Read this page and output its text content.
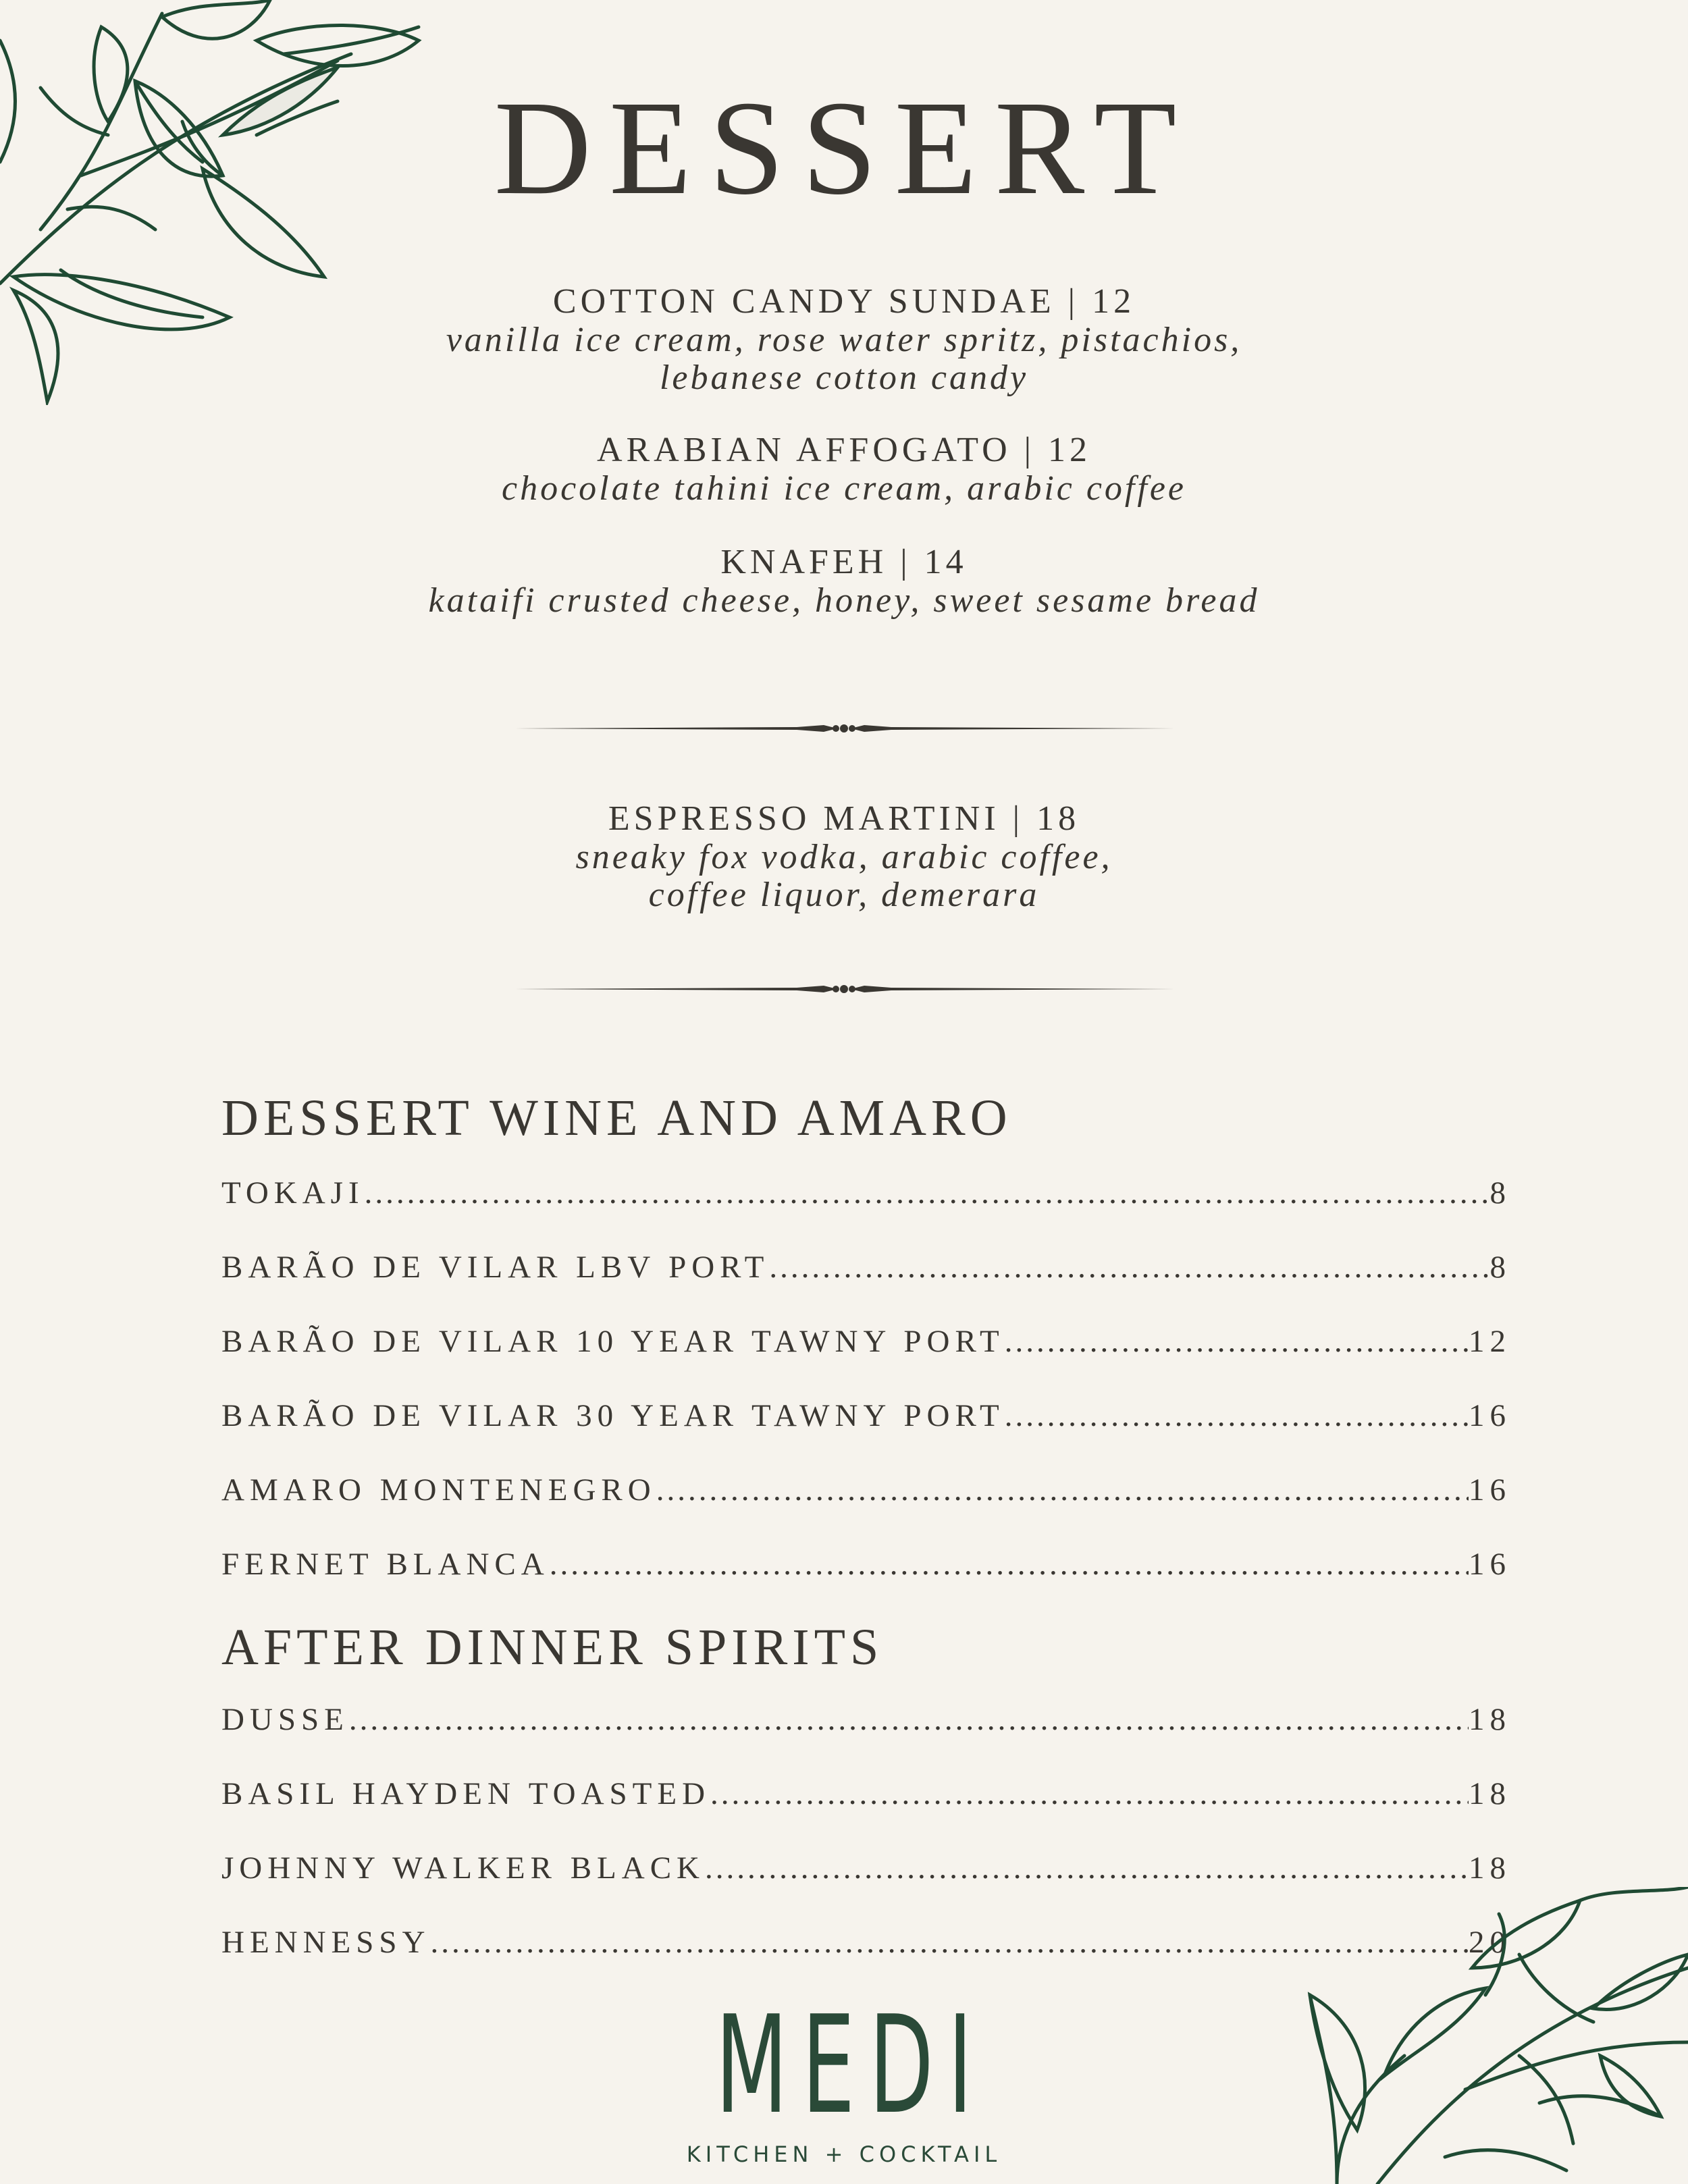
DESSERT
COTTON CANDY SUNDAE | 12
vanilla ice cream, rose water spritz, pistachios,
lebanese cotton candy
ARABIAN AFFOGATO | 12
chocolate tahini ice cream, arabic coffee
KNAFEH | 14
kataifi crusted cheese, honey, sweet sesame bread
ESPRESSO MARTINI | 18
sneaky fox vodka, arabic coffee,
coffee liquor, demerara
DESSERT WINE AND AMARO
TOKAJI .....	8
BARÃO DE VILAR LBV PORT .....	8
BARÃO DE VILAR 10 YEAR TAWNY PORT .....	12
BARÃO DE VILAR 30 YEAR TAWNY PORT .....	16
AMARO MONTENEGRO .....	16
FERNET BLANCA .....	16
AFTER DINNER SPIRITS
DUSSE .....	18
BASIL HAYDEN TOASTED .....	18
JOHNNY WALKER BLACK .....	18
HENNESSY .....	20
MEDI
KITCHEN + COCKTAIL
